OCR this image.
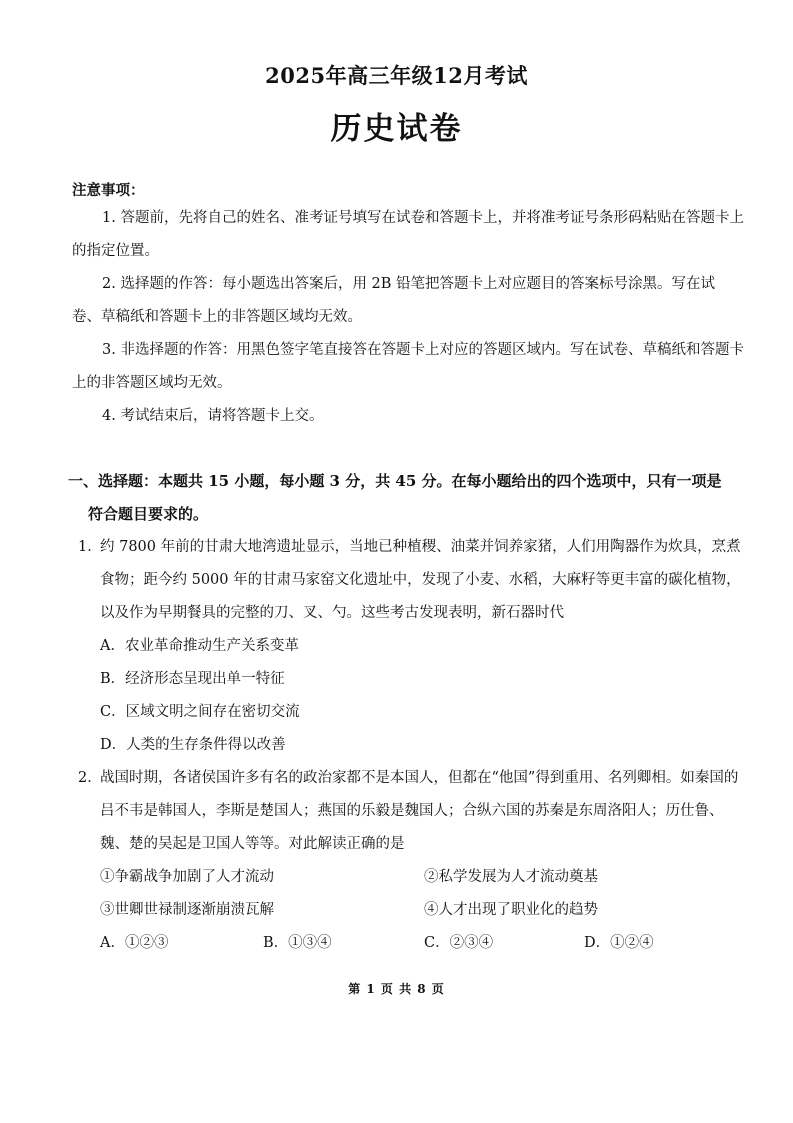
2025年高三年级12月考试
历史试卷
注意事项：
1. 答题前，先将自己的姓名、准考证号填写在试卷和答题卡上，并将准考证号条形码粘贴在答题卡上的指定位置。
2. 选择题的作答：每小题选出答案后，用 2B 铅笔把答题卡上对应题目的答案标号涂黑。写在试卷、草稿纸和答题卡上的非答题区域均无效。
3. 非选择题的作答：用黑色签字笔直接答在答题卡上对应的答题区域内。写在试卷、草稿纸和答题卡上的非答题区域均无效。
4. 考试结束后，请将答题卡上交。
一、选择题：本题共 15 小题，每小题 3 分，共 45 分。在每小题给出的四个选项中，只有一项是
符合题目要求的。
1．
约 7800 年前的甘肃大地湾遗址显示，当地已种植稷、油菜并饲养家猪，人们用陶器作为炊具，烹煮食物；距今约 5000 年的甘肃马家窑文化遗址中，发现了小麦、水稻，大麻籽等更丰富的碳化植物，以及作为早期餐具的完整的刀、叉、勺。这些考古发现表明，新石器时代
A．农业革命推动生产关系变革
B．经济形态呈现出单一特征
C．区域文明之间存在密切交流
D．人类的生存条件得以改善
2．
战国时期，各诸侯国许多有名的政治家都不是本国人，但都在“他国”得到重用、名列卿相。如秦国的吕不韦是韩国人，李斯是楚国人；燕国的乐毅是魏国人；合纵六国的苏秦是东周洛阳人；历仕鲁、魏、楚的吴起是卫国人等等。对此解读正确的是
①争霸战争加剧了人才流动	②私学发展为人才流动奠基
③世卿世禄制逐渐崩溃瓦解	④人才出现了职业化的趋势
A．①②③	B．①③④	C．②③④	D．①②④
第 1 页 共 8 页
